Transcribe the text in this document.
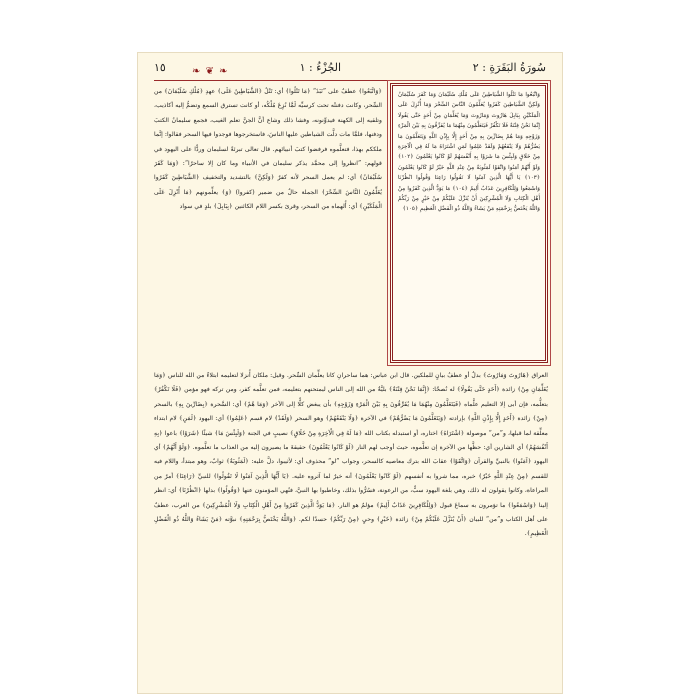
سُورَةُ البَقَرَةِ : ٢
الجُزْءُ : ١
١٥	❧ ❦ ❧

وَاتَّبَعُوا مَا تَتْلُوا الشَّيَاطِينُ عَلَى مُلْكِ سُلَيْمَانَ وَمَا كَفَرَ سُلَيْمَانُ وَلَكِنَّ الشَّيَاطِينَ كَفَرُوا يُعَلِّمُونَ النَّاسَ السِّحْرَ وَمَا أُنْزِلَ عَلَى الْمَلَكَيْنِ بِبَابِلَ هَارُوتَ وَمَارُوتَ وَمَا يُعَلِّمَانِ مِنْ أَحَدٍ حَتَّى يَقُولَا إِنَّمَا نَحْنُ فِتْنَةٌ فَلَا تَكْفُرْ فَيَتَعَلَّمُونَ مِنْهُمَا مَا يُفَرِّقُونَ بِهِ بَيْنَ الْمَرْءِ وَزَوْجِهِ وَمَا هُمْ بِضَارِّينَ بِهِ مِنْ أَحَدٍ إِلَّا بِإِذْنِ اللَّهِ وَيَتَعَلَّمُونَ مَا يَضُرُّهُمْ وَلَا يَنْفَعُهُمْ وَلَقَدْ عَلِمُوا لَمَنِ اشْتَرَاهُ مَا لَهُ فِي الْآخِرَةِ مِنْ خَلَاقٍ وَلَبِئْسَ مَا شَرَوْا بِهِ أَنْفُسَهُمْ لَوْ كَانُوا يَعْلَمُونَ ﴿١٠٢﴾ وَلَوْ أَنَّهُمْ آمَنُوا وَاتَّقَوْا لَمَثُوبَةٌ مِنْ عِنْدِ اللَّهِ خَيْرٌ لَوْ كَانُوا يَعْلَمُونَ ﴿١٠٣﴾ يَا أَيُّهَا الَّذِينَ آمَنُوا لَا تَقُولُوا رَاعِنَا وَقُولُوا انْظُرْنَا وَاسْمَعُوا وَلِلْكَافِرِينَ عَذَابٌ أَلِيمٌ ﴿١٠٤﴾ مَا يَوَدُّ الَّذِينَ كَفَرُوا مِنْ أَهْلِ الْكِتَابِ وَلَا الْمُشْرِكِينَ أَنْ يُنَزَّلَ عَلَيْكُمْ مِنْ خَيْرٍ مِنْ رَبِّكُمْ وَاللَّهُ يَخْتَصُّ بِرَحْمَتِهِ مَنْ يَشَاءُ وَاللَّهُ ذُو الْفَضْلِ الْعَظِيمِ ﴿١٠٥﴾

﴿وَاتَّبَعُوا﴾ عطفٌ على ”نَبَذَ“ ﴿مَا تَتْلُوا﴾ أي: تَتْلُ ﴿الشَّيَاطِينُ عَلَى﴾ عهدِ ﴿مُلْكِ سُلَيْمَانَ﴾ من السِّحر، وكانت دفنتْه تحت كرسيِّه لَمَّا نُزِعَ مُلْكُه، أو كانت تسترق السمع وتضمُّ إليه أكاذيب، وتلقيه إلى الكهنة فيدوِّنونه، وفشا ذلك وشاع أنَّ الجنَّ تعلم الغيب، فجمع سليمانُ الكتبَ ودفنها، فلمَّا مات دلَّت الشياطين عليها الناسَ، فاستخرجوها فوجدوا فيها السحر فقالوا: إنَّما ملككم بهذا، فتعلَّموه فرفضوا كتبَ أنبيائهم. قال تعالى تبرئةً لسليمان وردًّا على اليهود في قولهم: ”انظروا إلى محمَّد يذكر سليمان في الأنبياء وما كان إلا ساحرًا“: ﴿وَمَا كَفَرَ سُلَيْمَانُ﴾ أي: لم يعمل السحر لأنه كفرٌ ﴿وَلَكِنَّ﴾ بالتشديد والتخفيف ﴿الشَّيَاطِينَ كَفَرُوا يُعَلِّمُونَ النَّاسَ السِّحْرَ﴾ الجملة حالٌ من ضمير (كفروا) ﴿وَ﴾ يعلِّمونهم ﴿مَا أُنْزِلَ عَلَى الْمَلَكَيْنِ﴾ أي: أُلهماه من السحر، وقرئ بكسر اللام الكائنين ﴿بِبَابِلَ﴾ بلدٍ في سواد

العراق ﴿هَارُوتَ وَمَارُوتَ﴾ بدلٌ أو عطفُ بيانٍ للملكين. قال ابن عباس: هما ساحرانِ كانا يعلِّمان السِّحر. وقيل: ملكان أُنزلا لتعليمه ابتلاءً من الله للناس ﴿وَمَا يُعَلِّمَانِ مِنْ﴾ زائدة ﴿أَحَدٍ حَتَّى يَقُولَا﴾ له نُصحًا: ﴿إِنَّمَا نَحْنُ فِتْنَةٌ﴾ بليَّةٌ من الله إلى الناس ليمتحنهم بتعليمه، فمن تعلَّمه كفر، ومن تركه فهو مؤمن ﴿فَلَا تَكْفُرْ﴾ بتعلُّمه، فإن أبى إلا التعليم علَّماه ﴿فَيَتَعَلَّمُونَ مِنْهُمَا مَا يُفَرِّقُونَ بِهِ بَيْنَ الْمَرْءِ وَزَوْجِهِ﴾ بأن يبغض كلًّا إلى الآخر ﴿وَمَا هُمْ﴾ أي: السَّحرة ﴿بِضَارِّينَ بِهِ﴾ بالسحر ﴿مِنْ﴾ زائدة ﴿أَحَدٍ إِلَّا بِإِذْنِ اللَّهِ﴾ بإرادته ﴿وَيَتَعَلَّمُونَ مَا يَضُرُّهُمْ﴾ في الآخرة ﴿وَلَا يَنْفَعُهُمْ﴾ وهو السحر ﴿وَلَقَدْ﴾ لام قسم ﴿عَلِمُوا﴾ أي: اليهود ﴿لَمَنِ﴾ لام ابتداء معلِّقة لما قبلها، و”من“ موصولة ﴿اشْتَرَاهُ﴾ اختاره، أو استبدله بكتاب الله ﴿مَا لَهُ فِي الْآخِرَةِ مِنْ خَلَاقٍ﴾ نصيبٍ في الجنة ﴿وَلَبِئْسَ مَا﴾ شيئًا ﴿شَرَوْا﴾ باعوا ﴿بِهِ أَنْفُسَهُمْ﴾ أي الشارين أي: حظَّها من الآخرة إن تعلَّموه، حيث أوجب لهم النار ﴿لَوْ كَانُوا يَعْلَمُونَ﴾ حقيقةَ ما يصيرون إليه من العذاب ما تعلَّموه. ﴿وَلَوْ أَنَّهُمْ﴾ أي اليهود ﴿آمَنُوا﴾ بالنبيِّ والقرآن ﴿وَاتَّقَوْا﴾ عقابَ الله بترك معاصيه كالسحر، وجواب ”لو“ محذوف أي: لأثيبوا، دلَّ عليه: ﴿لَمَثُوبَةٌ﴾ ثوابٌ، وهو مبتدأ، واللام فيه للقسم ﴿مِنْ عِنْدِ اللَّهِ خَيْرٌ﴾ خبره، مما شروا به أنفسهم ﴿لَوْ كَانُوا يَعْلَمُونَ﴾ أنه خيرٌ لما آثروه عليه. ﴿يَا أَيُّهَا الَّذِينَ آمَنُوا لَا تَقُولُوا﴾ للنبيِّ ﴿رَاعِنَا﴾ أمرٌ من المراعاة، وكانوا يقولون له ذلك، وهي بلغة اليهود سبٌّ، من الرعونة، فسُرُّوا بذلك، وخاطبوا بها النبيَّ، فنُهي المؤمنون عنها ﴿وَقُولُوا﴾ بدلها ﴿انْظُرْنَا﴾ أي: انظر إلينا ﴿وَاسْمَعُوا﴾ ما تؤمرون به سماعَ قبول ﴿وَلِلْكَافِرِينَ عَذَابٌ أَلِيمٌ﴾ مؤلمٌ هو النار. ﴿مَا يَوَدُّ الَّذِينَ كَفَرُوا مِنْ أَهْلِ الْكِتَابِ وَلَا الْمُشْرِكِينَ﴾ من العرب، عطفٌ على أهل الكتاب و”من“ للبيان ﴿أَنْ يُنَزَّلَ عَلَيْكُمْ مِنْ﴾ زائدة ﴿خَيْرٍ﴾ وحيٍ ﴿مِنْ رَبِّكُمْ﴾ حسدًا لكم. ﴿وَاللَّهُ يَخْتَصُّ بِرَحْمَتِهِ﴾ نبوَّته ﴿مَنْ يَشَاءُ وَاللَّهُ ذُو الْفَضْلِ الْعَظِيمِ﴾.
